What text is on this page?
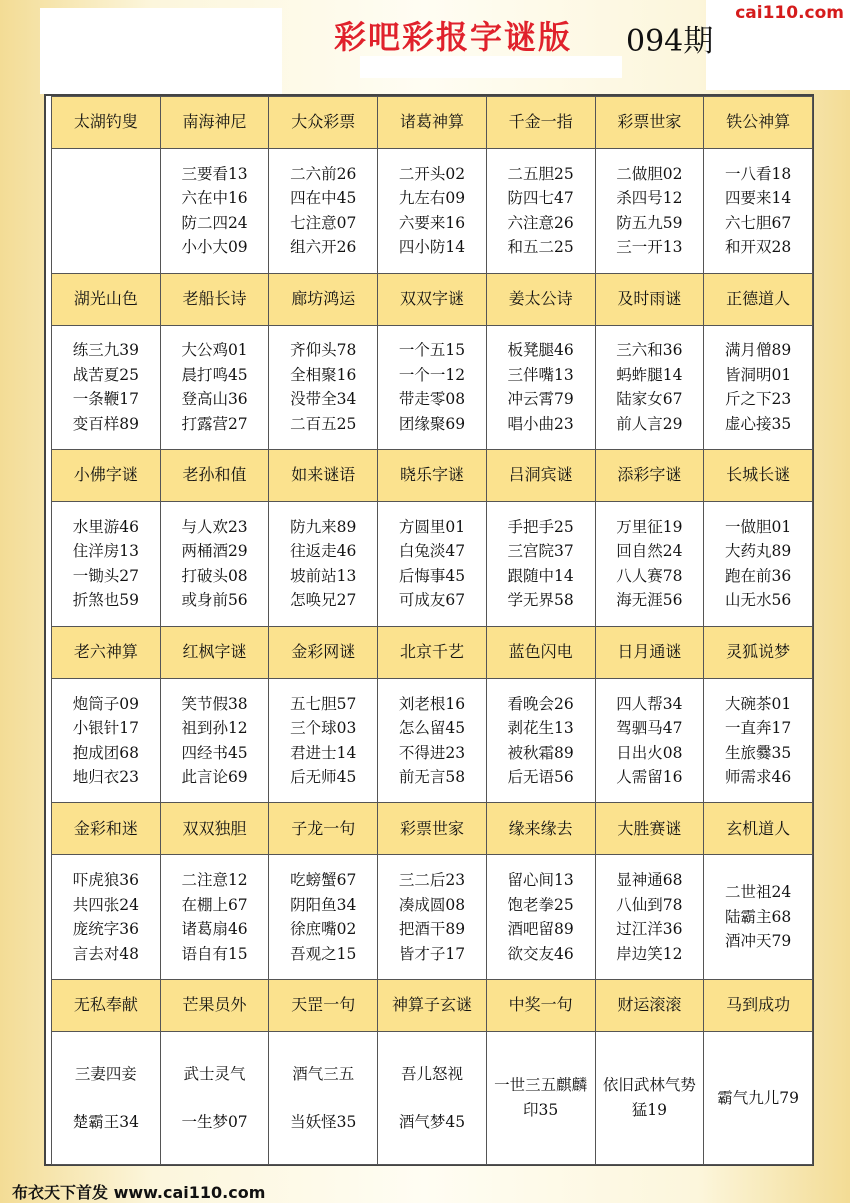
彩吧彩报字谜版 094期
cai110.com
太湖钓叟	南海神尼	大众彩票	诸葛神算	千金一指	彩票世家	铁公神算

	三要看13
六在中16
防二四24
小小大09	二六前26
四在中45
七注意07
组六开26	二开头02
九左右09
六要来16
四小防14	二五胆25
防四七47
六注意26
和五二25	二做胆02
杀四号12
防五九59
三一开13	一八看18
四要来14
六七胆67
和开双28

湖光山色	老船长诗	廊坊鸿运	双双字谜	姜太公诗	及时雨谜	正德道人

练三九39
战苦夏25
一条鞭17
变百样89	大公鸡01
晨打鸣45
登高山36
打露营27	齐仰头78
全相聚16
没带全34
二百五25	一个五15
一个一12
带走零08
团缘聚69	板凳腿46
三伴嘴13
冲云霄79
唱小曲23	三六和36
蚂蚱腿14
陆家女67
前人言29	满月僧89
皆洞明01
斤之下23
虚心接35

小佛字谜	老孙和值	如来谜语	晓乐字谜	吕洞宾谜	添彩字谜	长城长谜

水里游46
住洋房13
一锄头27
折煞也59	与人欢23
两桶酒29
打破头08
或身前56	防九来89
往返走46
坡前站13
怎唤兄27	方圆里01
白兔淡47
后悔事45
可成友67	手把手25
三宫院37
跟随中14
学无界58	万里征19
回自然24
八人赛78
海无涯56	一做胆01
大药丸89
跑在前36
山无水56

老六神算	红枫字谜	金彩网谜	北京千艺	蓝色闪电	日月通谜	灵狐说梦

炮筒子09
小银针17
抱成团68
地归衣23	笑节假38
祖到孙12
四经书45
此言论69	五七胆57
三个球03
君进士14
后无师45	刘老根16
怎么留45
不得进23
前无言58	看晚会26
剥花生13
被秋霜89
后无语56	四人帮34
驾驷马47
日出火08
人需留16	大碗茶01
一直奔17
生旅爨35
师需求46

金彩和迷	双双独胆	子龙一句	彩票世家	缘来缘去	大胜赛谜	玄机道人

吓虎狼36
共四张24
庞统字36
言去对48	二注意12
在棚上67
诸葛扇46
语自有15	吃螃蟹67
阴阳鱼34
徐庶嘴02
吾观之15	三二后23
凑成圆08
把酒干89
皆才子17	留心间13
饱老拳25
酒吧留89
欲交友46	显神通68
八仙到78
过江洋36
岸边笑12	二世祖24
陆霸主68
酒冲天79

无私奉献	芒果员外	天罡一句	神算子玄谜	中奖一句	财运滚滚	马到成功

三妻四妾
楚霸王34	武士灵气
一生梦07	酒气三五
当妖怪35	吾儿怒视
酒气梦45	一世三五麒麟
印35	依旧武林气势
猛19	霸气九儿79
布衣天下首发 www.cai110.com
